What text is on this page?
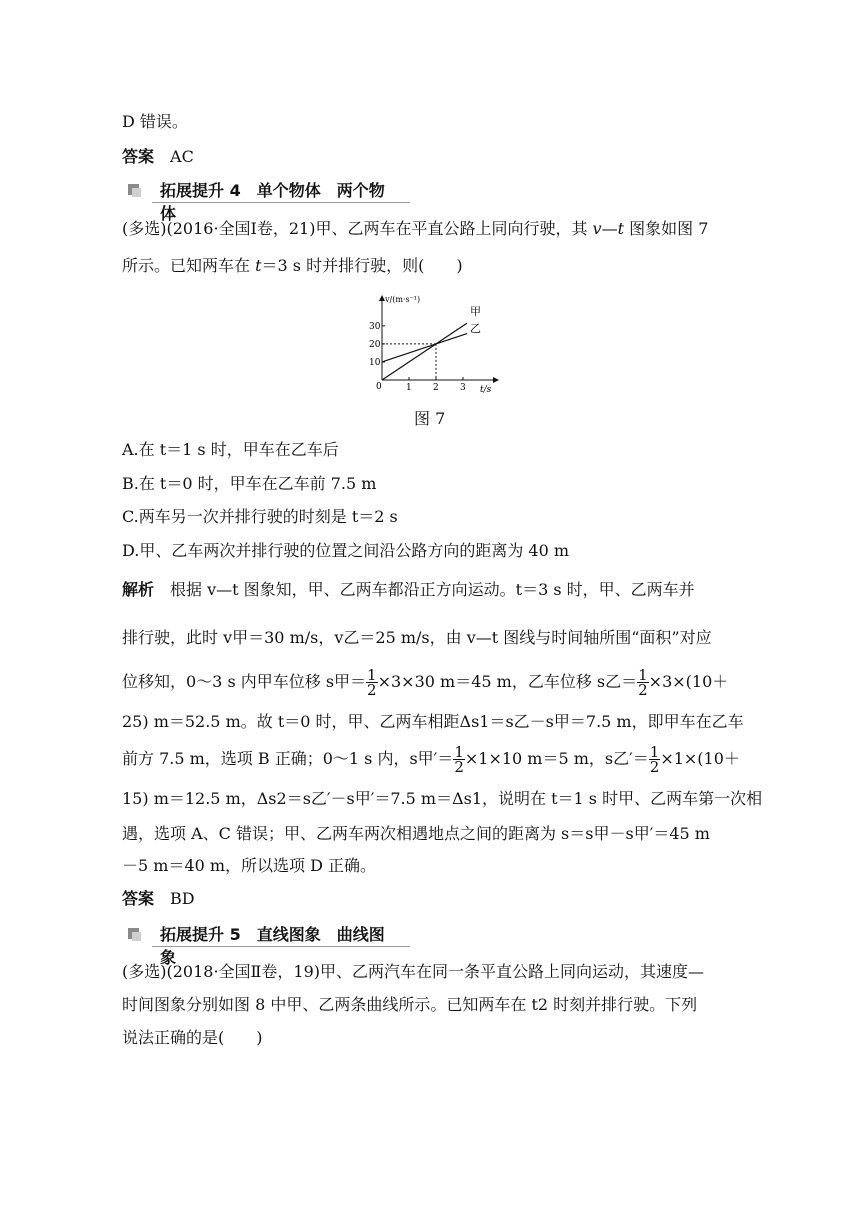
D 错误。
答案 AC
拓展提升 4　单个物体　两个物体
(多选)(2016·全国Ⅰ卷，21)甲、乙两车在平直公路上同向行驶，其 v—t 图象如图 7
所示。已知两车在 t＝3 s 时并排行驶，则(　　)
1 2 3
10
20
30
甲
乙
v/(m·s⁻¹)
t/s
0
图 7
A.在 t＝1 s 时，甲车在乙车后
B.在 t＝0 时，甲车在乙车前 7.5 m
C.两车另一次并排行驶的时刻是 t＝2 s
D.甲、乙车两次并排行驶的位置之间沿公路方向的距离为 40 m
解析 根据 v—t 图象知，甲、乙两车都沿正方向运动。t＝3 s 时，甲、乙两车并
排行驶，此时 v甲＝30 m/s，v乙＝25 m/s，由 v—t 图线与时间轴所围“面积”对应
位移知，0～3 s 内甲车位移 s甲＝ $\frac{1}{2} \times 3\times 30$ m＝45 m，乙车位移 s乙＝ $\frac{1}{2} \times 3\times(10+$
25) m＝52.5 m。故 t＝0 时，甲、乙两车相距Δs1＝s乙－s甲＝7.5 m，即甲车在乙车
前方 7.5 m，选项 B 正确；0～1 s 内，s甲′＝ $\frac{1}{2} \times 1\times 10$ m＝5 m，s乙′＝ $\frac{1}{2} \times 1\times(10+$
15) m＝12.5 m，Δs2＝s乙′－s甲′＝7.5 m＝Δs1，说明在 t＝1 s 时甲、乙两车第一次相
遇，选项 A、C 错误；甲、乙两车两次相遇地点之间的距离为 s＝s甲－s甲′＝45 m
－5 m＝40 m，所以选项 D 正确。
答案 BD
拓展提升 5　直线图象　曲线图象
(多选)(2018·全国Ⅱ卷，19)甲、乙两汽车在同一条平直公路上同向运动，其速度—
时间图象分别如图 8 中甲、乙两条曲线所示。已知两车在 t2 时刻并排行驶。下列
说法正确的是(　　)
